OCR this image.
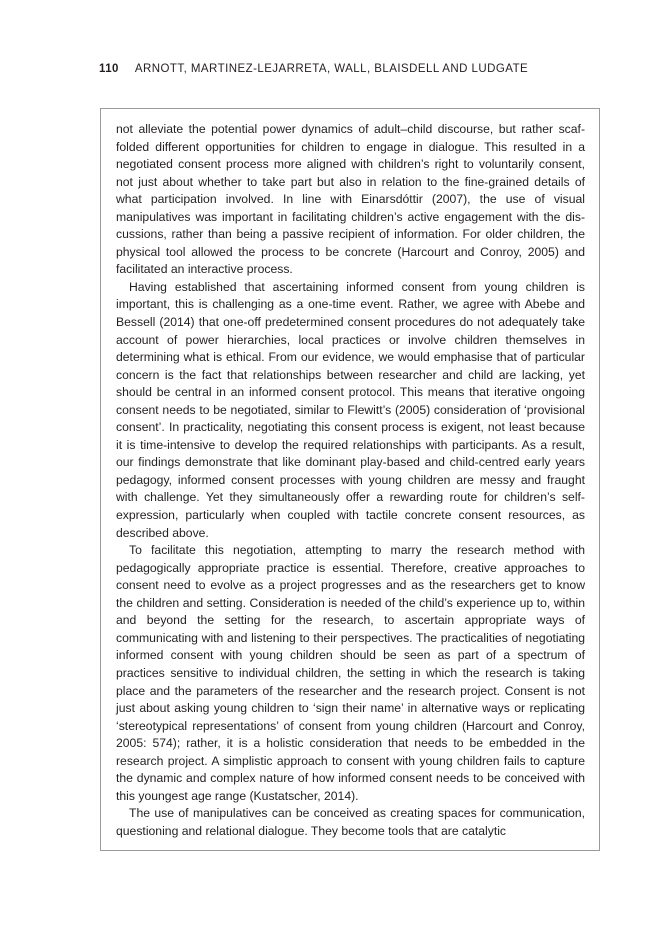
110 ARNOTT, MARTINEZ-LEJARRETA, WALL, BLAISDELL AND LUDGATE

not alleviate the potential power dynamics of adult–child discourse, but rather scaffolded different opportunities for children to engage in dialogue. This resulted in a negotiated consent process more aligned with children’s right to voluntarily consent, not just about whether to take part but also in relation to the fine-grained details of what participation involved. In line with Einarsdóttir (2007), the use of visual manipulatives was important in facilitating children’s active engagement with the discussions, rather than being a passive recipient of information. For older children, the physical tool allowed the process to be concrete (Harcourt and Conroy, 2005) and facilitated an interactive process.

Having established that ascertaining informed consent from young children is important, this is challenging as a one-time event. Rather, we agree with Abebe and Bessell (2014) that one-off predetermined consent procedures do not adequately take account of power hierarchies, local practices or involve children themselves in determining what is ethical. From our evidence, we would emphasise that of particular concern is the fact that relationships between researcher and child are lacking, yet should be central in an informed consent protocol. This means that iterative ongoing consent needs to be negotiated, similar to Flewitt’s (2005) consideration of ‘provisional consent’. In practicality, negotiating this consent process is exigent, not least because it is time-intensive to develop the required relationships with participants. As a result, our findings demonstrate that like dominant play-based and child-centred early years pedagogy, informed consent processes with young children are messy and fraught with challenge. Yet they simultaneously offer a rewarding route for children’s self-expression, particularly when coupled with tactile concrete consent resources, as described above.

To facilitate this negotiation, attempting to marry the research method with pedagogically appropriate practice is essential. Therefore, creative approaches to consent need to evolve as a project progresses and as the researchers get to know the children and setting. Consideration is needed of the child’s experience up to, within and beyond the setting for the research, to ascertain appropriate ways of communicating with and listening to their perspectives. The practicalities of negotiating informed consent with young children should be seen as part of a spectrum of practices sensitive to individual children, the setting in which the research is taking place and the parameters of the researcher and the research project. Consent is not just about asking young children to ‘sign their name’ in alternative ways or replicating ‘stereotypical representations’ of consent from young children (Harcourt and Conroy, 2005: 574); rather, it is a holistic consideration that needs to be embedded in the research project. A simplistic approach to consent with young children fails to capture the dynamic and complex nature of how informed consent needs to be conceived with this youngest age range (Kustatscher, 2014).

The use of manipulatives can be conceived as creating spaces for communication, questioning and relational dialogue. They become tools that are catalytic
